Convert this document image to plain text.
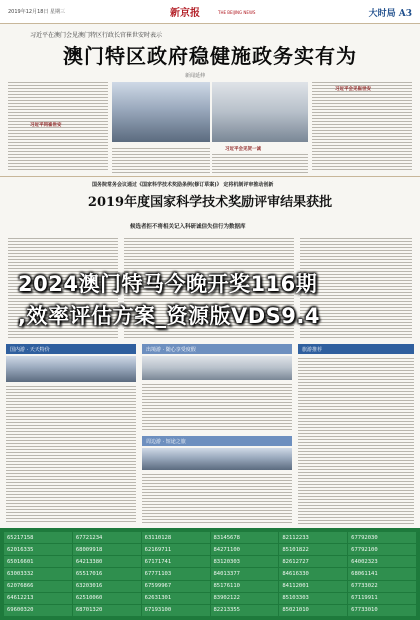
2019年12月18日 星期三	新京报	THE BEIJING NEWS	大时局 A3
习近平在澳门会见澳门特区行政长官崔世安时表示
澳门特区政府稳健施政务实有为
新闻延伸
习近平同崔世安
习近平会见贺一诚
习近平会见崔世安
国务院常务会议通过《国家科学技术奖励条例(修订草案)》 定将机制评审推动创新
2019年度国家科学技术奖励评审结果获批
候选者拒不将相关记入科研诚信失信行为数据库
国内游 · 天天特价	出境游 · 随心享受度假
周边游 · 短途之旅
旅游推荐
65217158	67721234	63110128	83145678	82112233	67792030
62016335	68009918	62169711	84271100	85101822	67792100
65016601	64213380	67171741	83120303	82612727	64002323
63003332	65517016	67771103	84013377	84616330	68061141
62076866	63203016	67599967	85176110	84112001	67733022
64612213	62510060	62631301	83902122	85103303	67119911
69600320	68701320	67193100	82213355	85021010	67733010
2024澳门特马今晚开奖116期
,效率评估方案_资源版VDS9.4
